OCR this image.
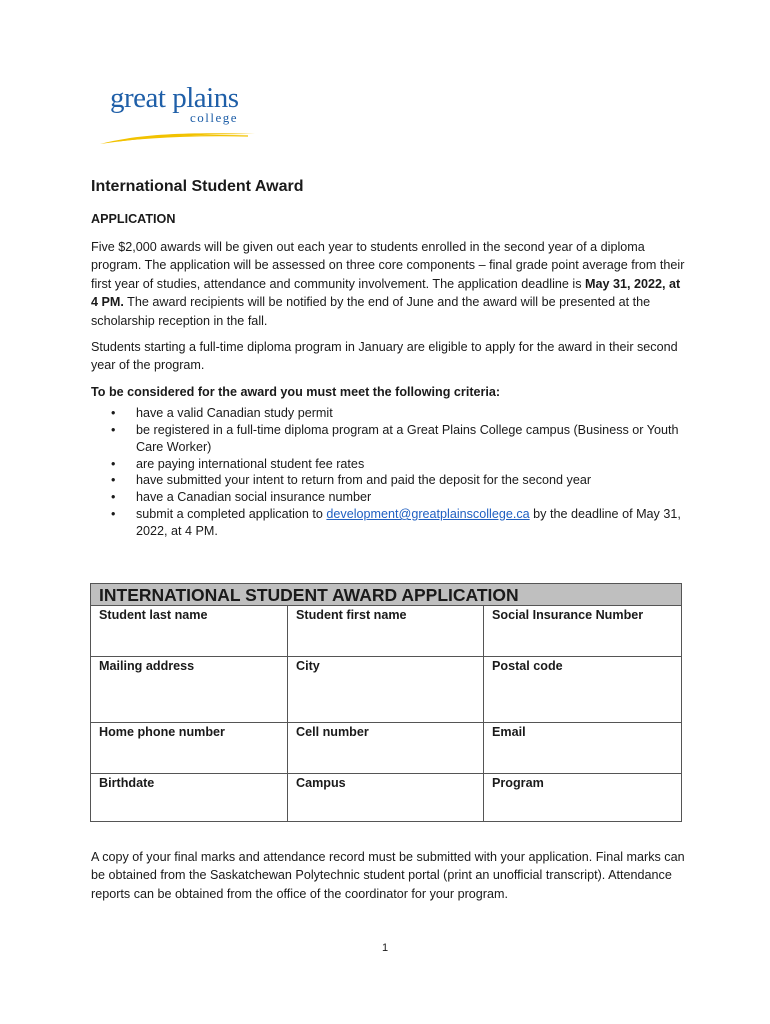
great plains
college
International Student Award
APPLICATION

Five $2,000 awards will be given out each year to students enrolled in the second year of a diploma program. The application will be assessed on three core components – final grade point average from their first year of studies, attendance and community involvement. The application deadline is May 31, 2022, at 4 PM. The award recipients will be notified by the end of June and the award will be presented at the scholarship reception in the fall.

Students starting a full-time diploma program in January are eligible to apply for the award in their second year of the program.

To be considered for the award you must meet the following criteria:

• have a valid Canadian study permit
• be registered in a full-time diploma program at a Great Plains College campus (Business or Youth Care Worker)
• are paying international student fee rates
• have submitted your intent to return from and paid the deposit for the second year
• have a Canadian social insurance number
• submit a completed application to development@greatplainscollege.ca by the deadline of May 31, 2022, at 4 PM.
INTERNATIONAL STUDENT AWARD APPLICATION
Student last name	Student first name	Social Insurance Number
Mailing address	City	Postal code
Home phone number	Cell number	Email
Birthdate	Campus	Program

A copy of your final marks and attendance record must be submitted with your application. Final marks can be obtained from the Saskatchewan Polytechnic student portal (print an unofficial transcript). Attendance reports can be obtained from the office of the coordinator for your program.

1
